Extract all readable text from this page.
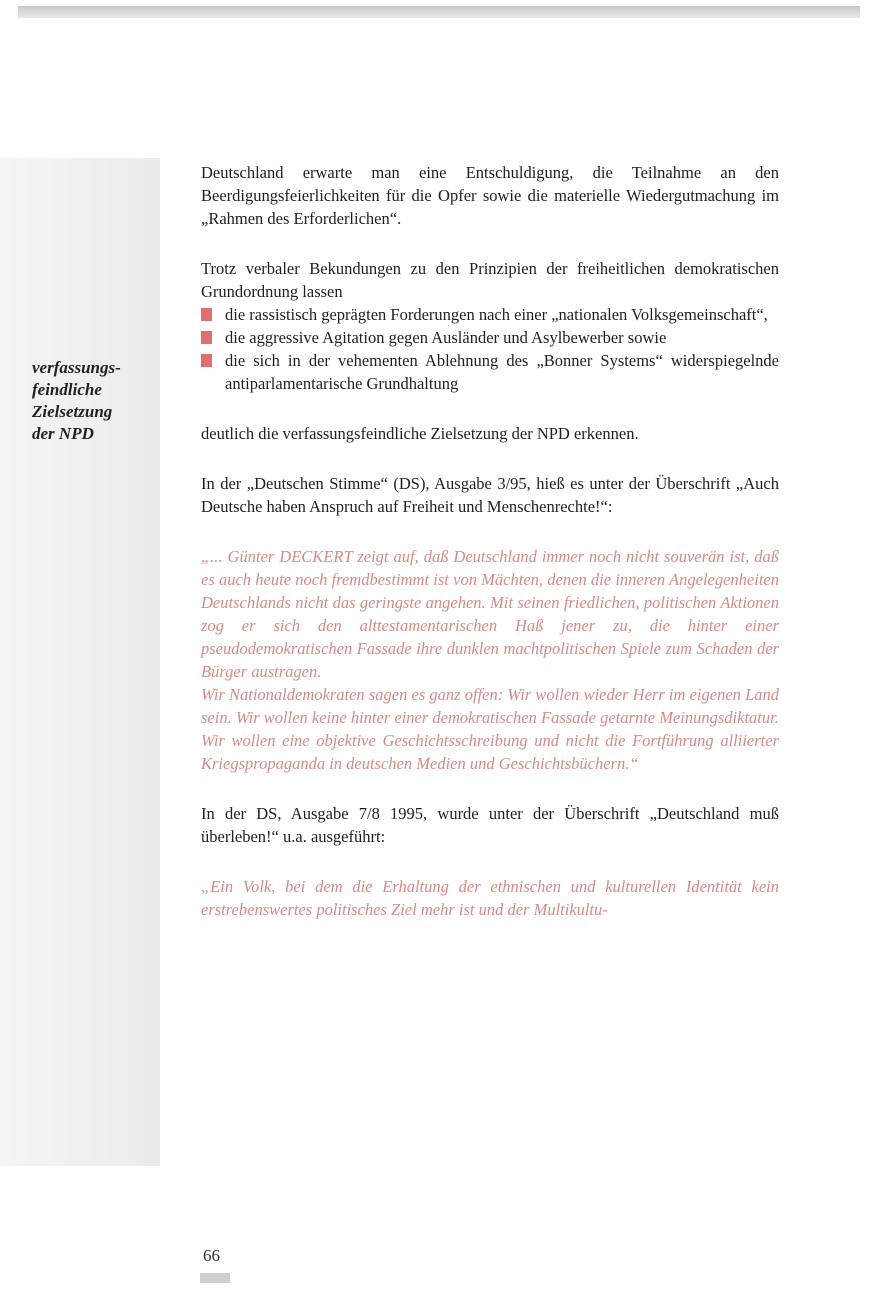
verfassungs-
feindliche
Zielsetzung
der NPD

Deutschland erwarte man eine Entschuldigung, die Teilnahme an den Beerdigungsfeierlichkeiten für die Opfer sowie die materielle Wiedergutmachung im „Rahmen des Erforderlichen“.

Trotz verbaler Bekundungen zu den Prinzipien der freiheitlichen demokratischen Grundordnung lassen

die rassistisch geprägten Forderungen nach einer „nationalen Volksgemeinschaft“,
die aggressive Agitation gegen Ausländer und Asylbewerber sowie
die sich in der vehementen Ablehnung des „Bonner Systems“ widerspiegelnde antiparlamentarische Grundhaltung

deutlich die verfassungsfeindliche Zielsetzung der NPD erkennen.

In der „Deutschen Stimme“ (DS), Ausgabe 3/95, hieß es unter der Überschrift „Auch Deutsche haben Anspruch auf Freiheit und Menschenrechte!“:

„... Günter DECKERT zeigt auf, daß Deutschland immer noch nicht souverän ist, daß es auch heute noch fremdbestimmt ist von Mächten, denen die inneren Angelegenheiten Deutschlands nicht das geringste angehen. Mit seinen friedlichen, politischen Aktionen zog er sich den alttestamentarischen Haß jener zu, die hinter einer pseudodemokratischen Fassade ihre dunklen machtpolitischen Spiele zum Schaden der Bürger austragen.

Wir Nationaldemokraten sagen es ganz offen: Wir wollen wieder Herr im eigenen Land sein. Wir wollen keine hinter einer demokratischen Fassade getarnte Meinungsdiktatur.

Wir wollen eine objektive Geschichtsschreibung und nicht die Fortführung alliierter Kriegspropaganda in deutschen Medien und Geschichtsbüchern.“

In der DS, Ausgabe 7/8 1995, wurde unter der Überschrift „Deutschland muß überleben!“ u.a. ausgeführt:

„Ein Volk, bei dem die Erhaltung der ethnischen und kulturellen Identität kein erstrebenswertes politisches Ziel mehr ist und der Multikultu-

66
